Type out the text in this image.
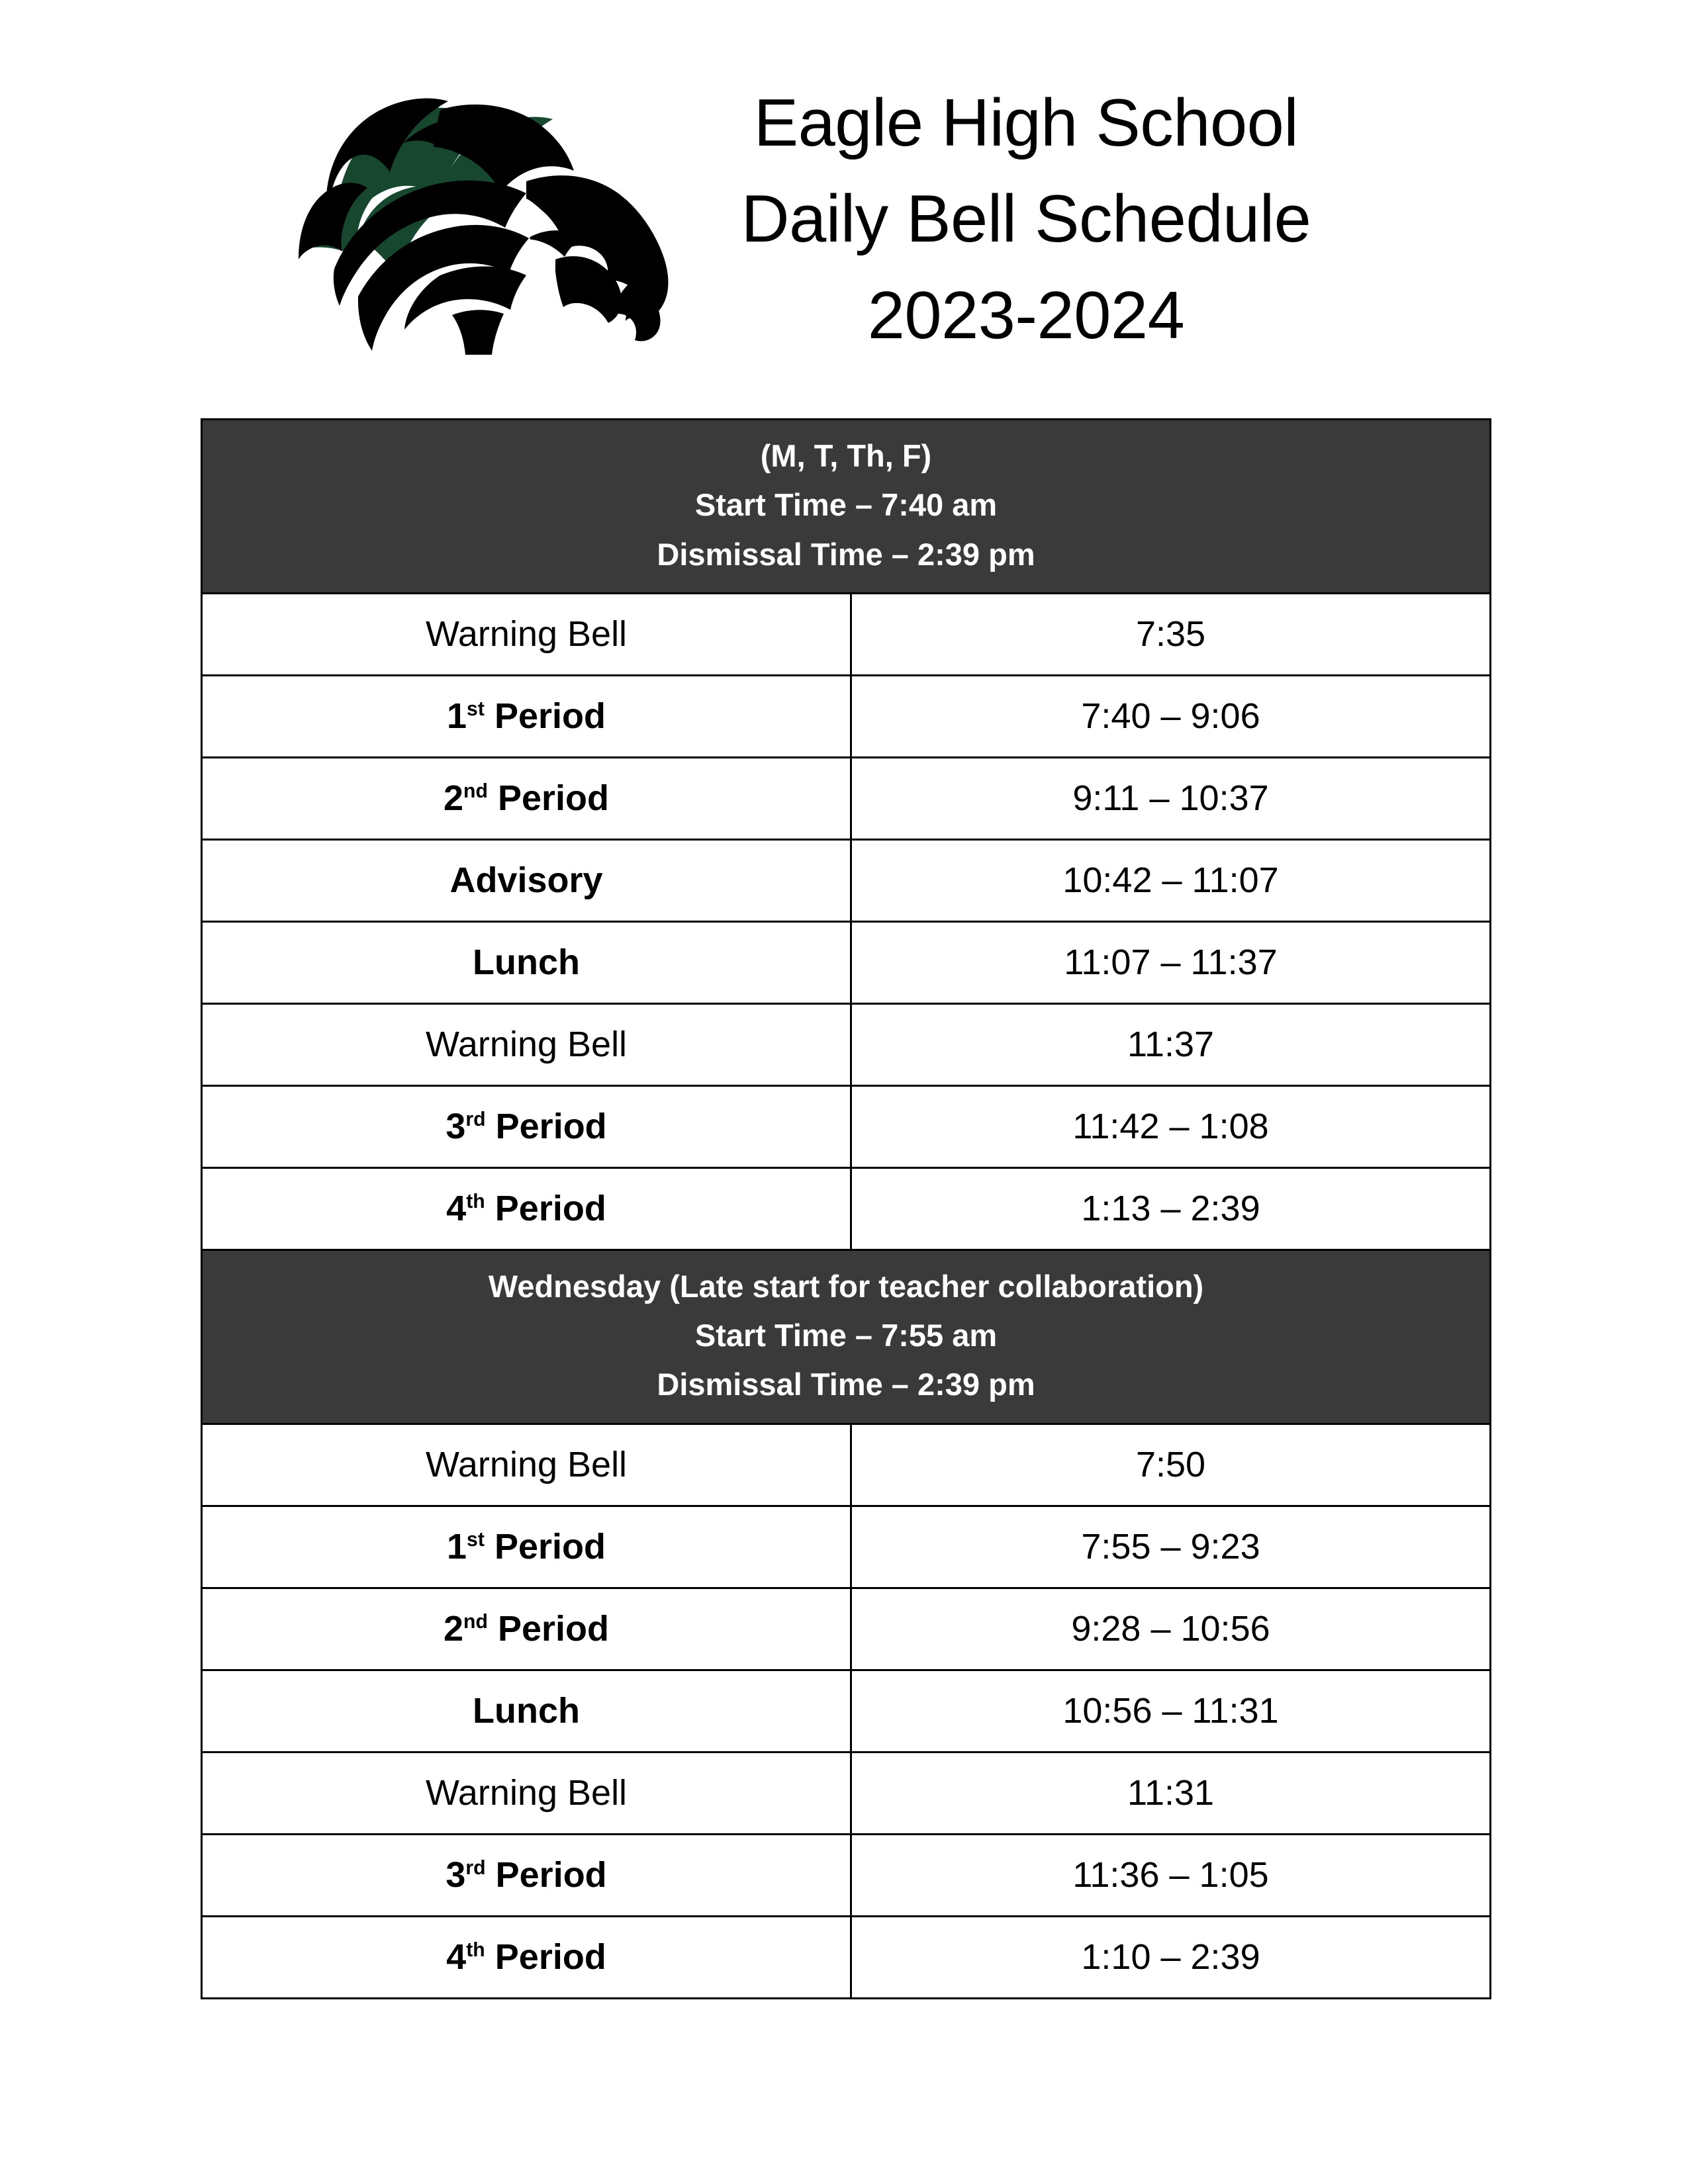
Eagle High School
Daily Bell Schedule
2023-2024
(M, T, Th, F)
Start Time – 7:40 am
Dismissal Time – 2:39 pm	

Warning Bell	7:35
1st Period	7:40 – 9:06
2nd Period	9:11 – 10:37
Advisory	10:42 – 11:07
Lunch	11:07 – 11:37
Warning Bell	11:37
3rd Period	11:42 – 1:08
4th Period	1:13 – 2:39

Wednesday (Late start for teacher collaboration)
Start Time – 7:55 am
Dismissal Time – 2:39 pm	

Warning Bell	7:50
1st Period	7:55 – 9:23
2nd Period	9:28 – 10:56
Lunch	10:56 – 11:31
Warning Bell	11:31
3rd Period	11:36 – 1:05
4th Period	1:10 – 2:39
